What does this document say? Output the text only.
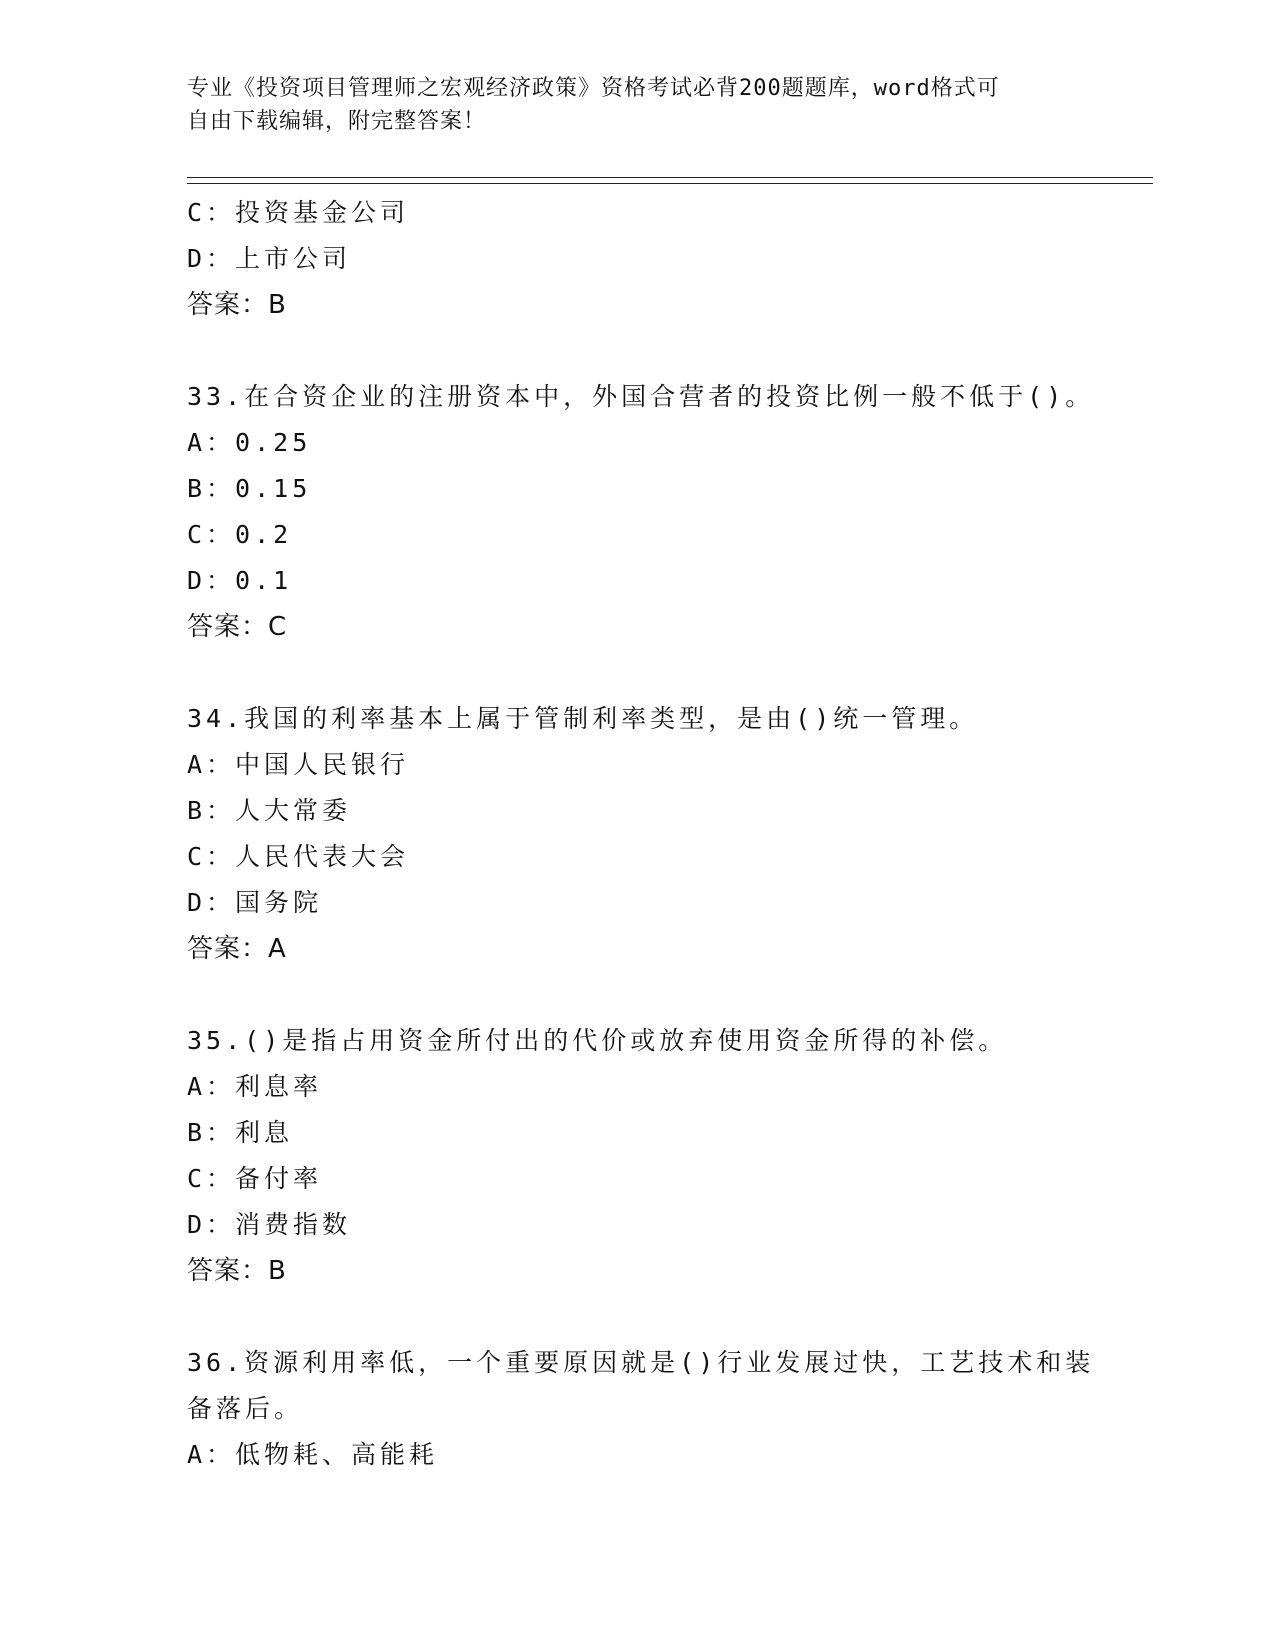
专业《投资项目管理师之宏观经济政策》资格考试必背200题题库，word格式可
自由下载编辑，附完整答案！
C：投资基金公司
D：上市公司
答案：B
33.在合资企业的注册资本中，外国合营者的投资比例一般不低于()。
A：0.25
B：0.15
C：0.2
D：0.1
答案：C
34.我国的利率基本上属于管制利率类型，是由()统一管理。
A：中国人民银行
B：人大常委
C：人民代表大会
D：国务院
答案：A
35.()是指占用资金所付出的代价或放弃使用资金所得的补偿。
A：利息率
B：利息
C：备付率
D：消费指数
答案：B
36.资源利用率低，一个重要原因就是()行业发展过快，工艺技术和装
备落后。
A：低物耗、高能耗
